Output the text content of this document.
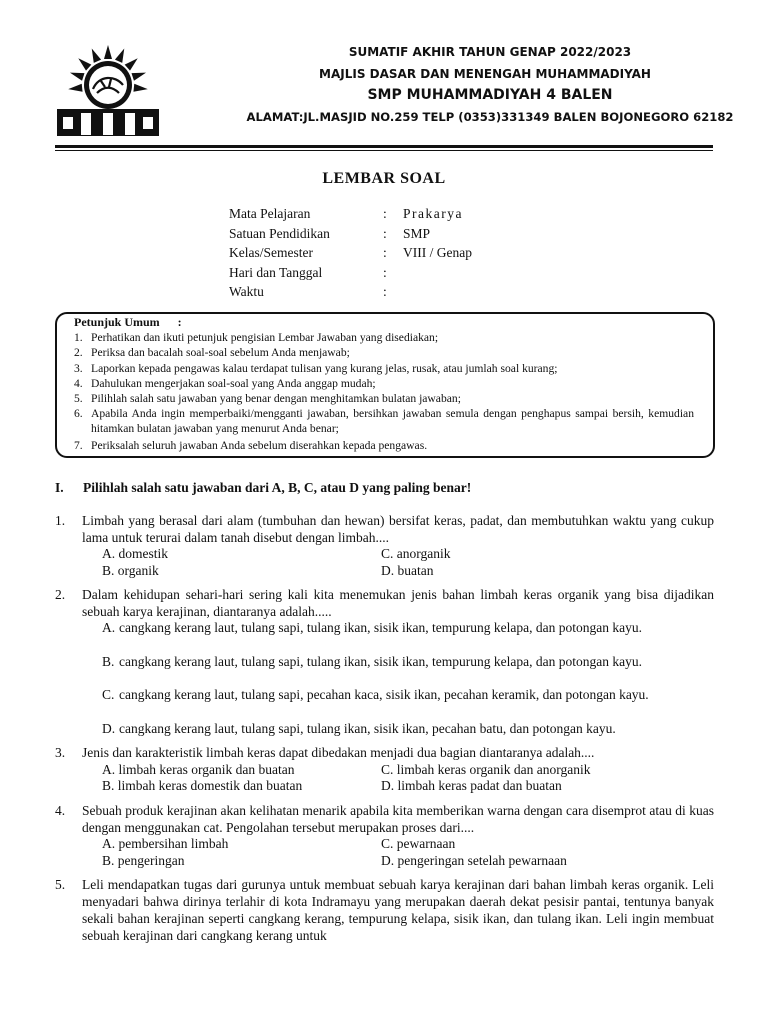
SUMATIF AKHIR TAHUN GENAP 2022/2023
MAJLIS DASAR DAN MENENGAH MUHAMMADIYAH
SMP MUHAMMADIYAH 4 BALEN
ALAMAT:JL.MASJID NO.259 TELP (0353)331349 BALEN BOJONEGORO 62182
LEMBAR SOAL
Mata Pelajaran	: Prakarya
Satuan Pendidikan	: SMP
Kelas/Semester	: VIII / Genap
Hari dan Tanggal	:
Waktu	:
Petunjuk Umum      :
1. Perhatikan dan ikuti petunjuk pengisian Lembar Jawaban yang disediakan;
2. Periksa dan bacalah soal-soal sebelum Anda menjawab;
3. Laporkan kepada pengawas kalau terdapat tulisan yang kurang jelas, rusak, atau jumlah soal kurang;
4. Dahulukan mengerjakan soal-soal yang Anda anggap mudah;
5. Pilihlah salah satu jawaban yang benar dengan menghitamkan bulatan jawaban;
6. Apabila Anda ingin memperbaiki/mengganti jawaban, bersihkan jawaban semula dengan penghapus sampai bersih, kemudian hitamkan bulatan jawaban yang menurut Anda benar;
7. Periksalah seluruh jawaban Anda sebelum diserahkan kepada pengawas.
I. Pilihlah salah satu jawaban dari A, B, C, atau D yang paling benar!
1. Limbah yang berasal dari alam (tumbuhan dan hewan) bersifat keras, padat, dan membutuhkan waktu yang cukup lama untuk terurai dalam tanah disebut dengan limbah....
A. domestik
B. organik
C. anorganik
D. buatan
2. Dalam kehidupan sehari-hari sering kali kita menemukan jenis bahan limbah keras organik yang bisa dijadikan sebuah karya kerajinan, diantaranya adalah.....
A. cangkang kerang laut, tulang sapi, tulang ikan, sisik ikan, tempurung kelapa, dan potongan kayu.
B. cangkang kerang laut, tulang sapi, tulang ikan, sisik ikan, tempurung kelapa, dan potongan kayu.
C. cangkang kerang laut, tulang sapi, pecahan kaca, sisik ikan, pecahan keramik, dan potongan kayu.
D. cangkang kerang laut, tulang sapi, tulang ikan, sisik ikan, pecahan batu, dan potongan kayu.
3. Jenis dan karakteristik limbah keras dapat dibedakan menjadi dua bagian diantaranya adalah....
A. limbah keras organik dan buatan
B. limbah keras domestik dan buatan
C. limbah keras organik dan anorganik
D. limbah keras padat dan buatan
4. Sebuah produk kerajinan akan kelihatan menarik apabila kita memberikan warna dengan cara disemprot atau di kuas dengan menggunakan cat. Pengolahan tersebut merupakan proses dari....
A. pembersihan limbah
B. pengeringan
C. pewarnaan
D. pengeringan setelah pewarnaan
5. Leli mendapatkan tugas dari gurunya untuk membuat sebuah karya kerajinan dari bahan limbah keras organik. Leli menyadari bahwa dirinya terlahir di kota Indramayu yang merupakan daerah dekat pesisir pantai, tentunya banyak sekali bahan kerajinan seperti cangkang kerang, tempurung kelapa, sisik ikan, dan tulang ikan. Leli ingin membuat sebuah kerajinan dari cangkang kerang untuk
